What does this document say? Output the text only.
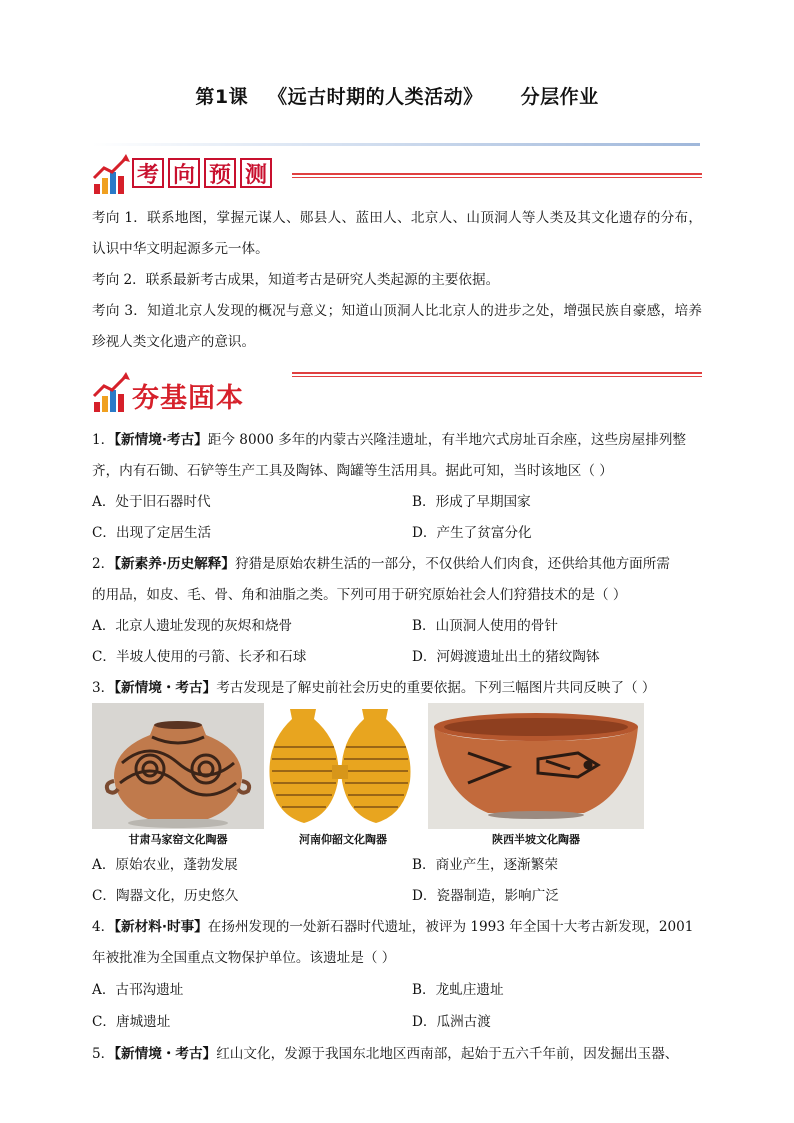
第1课 《远古时期的人类活动》 分层作业
考 向 预 测
考向 1．联系地图，掌握元谋人、郧县人、蓝田人、北京人、山顶洞人等人类及其文化遗存的分布，认识中华文明起源多元一体。
考向 2．联系最新考古成果，知道考古是研究人类起源的主要依据。
考向 3．知道北京人发现的概况与意义；知道山顶洞人比北京人的进步之处，增强民族自豪感，培养珍视人类文化遗产的意识。
夯基固本
1．【新情境·考古】距今 8000 多年的内蒙古兴隆洼遗址，有半地穴式房址百余座，这些房屋排列整
齐，内有石锄、石铲等生产工具及陶钵、陶罐等生活用具。据此可知，当时该地区（ ）
A．处于旧石器时代	B．形成了早期国家
C．出现了定居生活	D．产生了贫富分化
2．【新素养·历史解释】狩猎是原始农耕生活的一部分，不仅供给人们肉食，还供给其他方面所需
的用品，如皮、毛、骨、角和油脂之类。下列可用于研究原始社会人们狩猎技术的是（ ）
A．北京人遗址发现的灰烬和烧骨	B．山顶洞人使用的骨针
C．半坡人使用的弓箭、长矛和石球	D．河姆渡遗址出土的猪纹陶钵
3．【新情境・考古】考古发现是了解史前社会历史的重要依据。下列三幅图片共同反映了（ ）
甘肃马家窑文化陶器	河南仰韶文化陶器	陕西半坡文化陶器
A．原始农业，蓬勃发展	B．商业产生，逐渐繁荣
C．陶器文化，历史悠久	D．瓷器制造，影响广泛
4．【新材料·时事】在扬州发现的一处新石器时代遗址，被评为 1993 年全国十大考古新发现，2001
年被批准为全国重点文物保护单位。该遗址是（ ）
A．古邗沟遗址	B．龙虬庄遗址
C．唐城遗址	D．瓜洲古渡
5．【新情境・考古】红山文化，发源于我国东北地区西南部，起始于五六千年前，因发掘出玉器、
